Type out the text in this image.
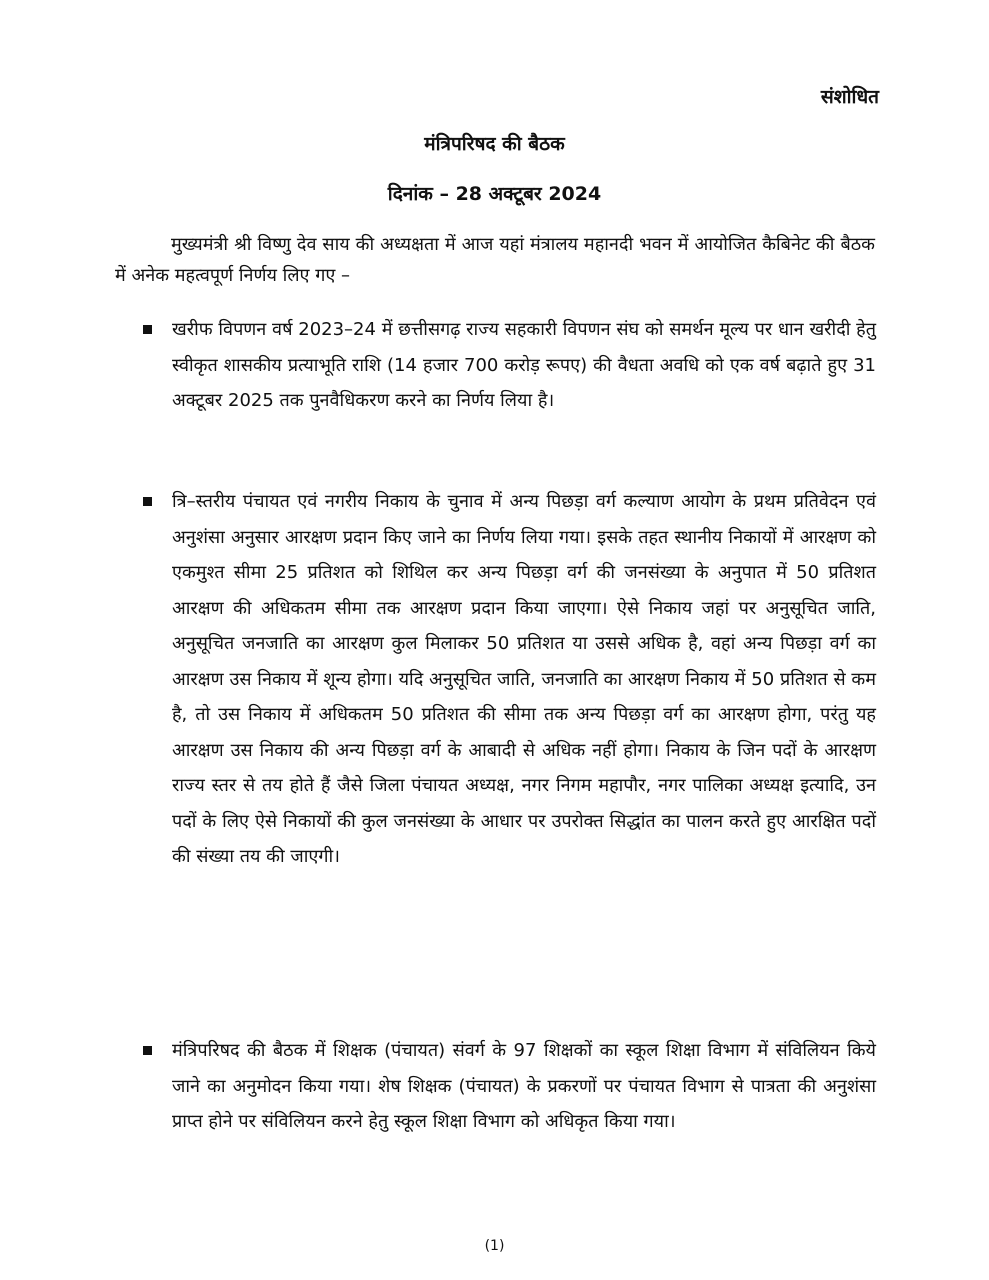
संशोधित
मंत्रिपरिषद की बैठक
दिनांक – 28 अक्टूबर 2024

मुख्यमंत्री श्री विष्णु देव साय की अध्यक्षता में आज यहां मंत्रालय महानदी भवन में आयोजित कैबिनेट की बैठक में अनेक महत्वपूर्ण निर्णय लिए गए –

खरीफ विपणन वर्ष 2023–24 में छत्तीसगढ़ राज्य सहकारी विपणन संघ को समर्थन मूल्य पर धान खरीदी हेतु स्वीकृत शासकीय प्रत्याभूति राशि (14 हजार 700 करोड़ रूपए) की वैधता अवधि को एक वर्ष बढ़ाते हुए 31 अक्टूबर 2025 तक पुनवैधिकरण करने का निर्णय लिया है।

त्रि–स्तरीय पंचायत एवं नगरीय निकाय के चुनाव में अन्य पिछड़ा वर्ग कल्याण आयोग के प्रथम प्रतिवेदन एवं अनुशंसा अनुसार आरक्षण प्रदान किए जाने का निर्णय लिया गया। इसके तहत स्थानीय निकायों में आरक्षण को एकमुश्त सीमा 25 प्रतिशत को शिथिल कर अन्य पिछड़ा वर्ग की जनसंख्या के अनुपात में 50 प्रतिशत आरक्षण की अधिकतम सीमा तक आरक्षण प्रदान किया जाएगा। ऐसे निकाय जहां पर अनुसूचित जाति, अनुसूचित जनजाति का आरक्षण कुल मिलाकर 50 प्रतिशत या उससे अधिक है, वहां अन्य पिछड़ा वर्ग का आरक्षण उस निकाय में शून्य होगा। यदि अनुसूचित जाति, जनजाति का आरक्षण निकाय में 50 प्रतिशत से कम है, तो उस निकाय में अधिकतम 50 प्रतिशत की सीमा तक अन्य पिछड़ा वर्ग का आरक्षण होगा, परंतु यह आरक्षण उस निकाय की अन्य पिछड़ा वर्ग के आबादी से अधिक नहीं होगा। निकाय के जिन पदों के आरक्षण राज्य स्तर से तय होते हैं जैसे जिला पंचायत अध्यक्ष, नगर निगम महापौर, नगर पालिका अध्यक्ष इत्यादि, उन पदों के लिए ऐसे निकायों की कुल जनसंख्या के आधार पर उपरोक्त सिद्धांत का पालन करते हुए आरक्षित पदों की संख्या तय की जाएगी।

मंत्रिपरिषद की बैठक में शिक्षक (पंचायत) संवर्ग के 97 शिक्षकों का स्कूल शिक्षा विभाग में संविलियन किये जाने का अनुमोदन किया गया। शेष शिक्षक (पंचायत) के प्रकरणों पर पंचायत विभाग से पात्रता की अनुशंसा प्राप्त होने पर संविलियन करने हेतु स्कूल शिक्षा विभाग को अधिकृत किया गया।

(1)
